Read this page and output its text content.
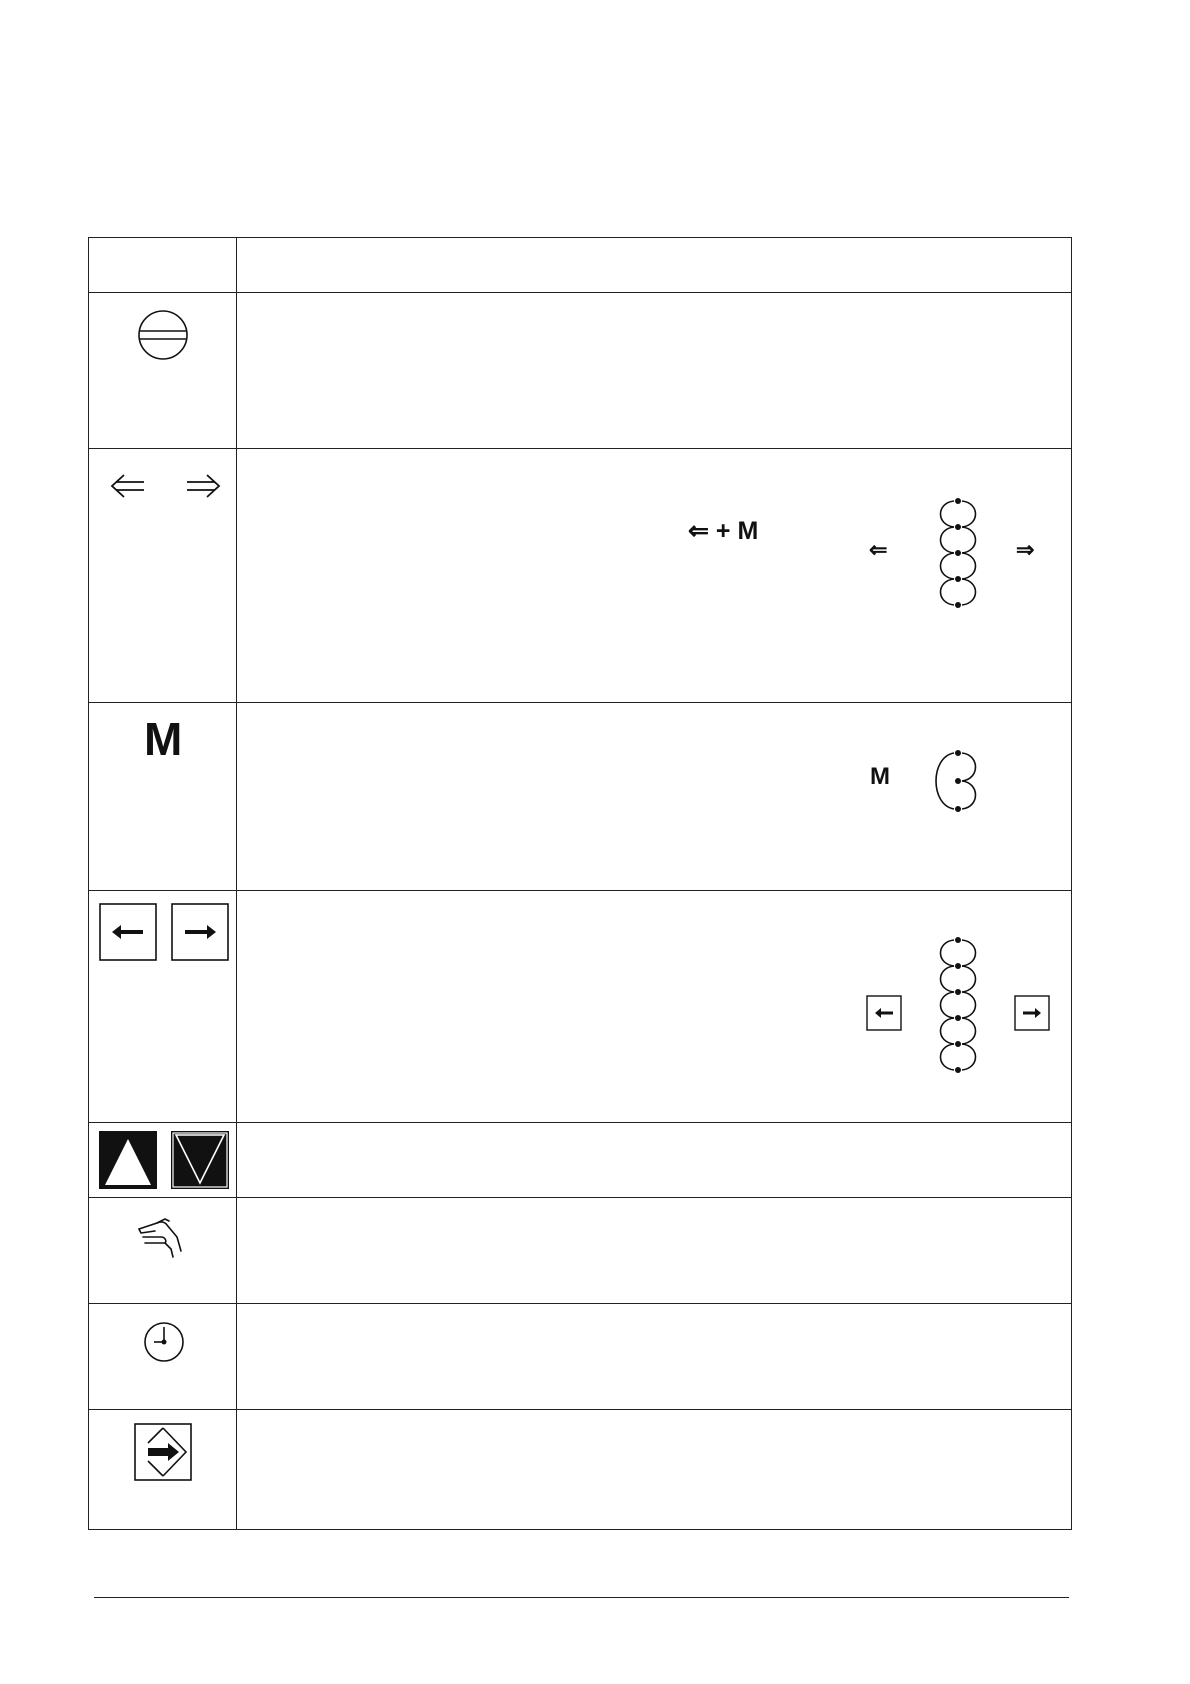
⇐ + M
⇐	⇒
M
M
